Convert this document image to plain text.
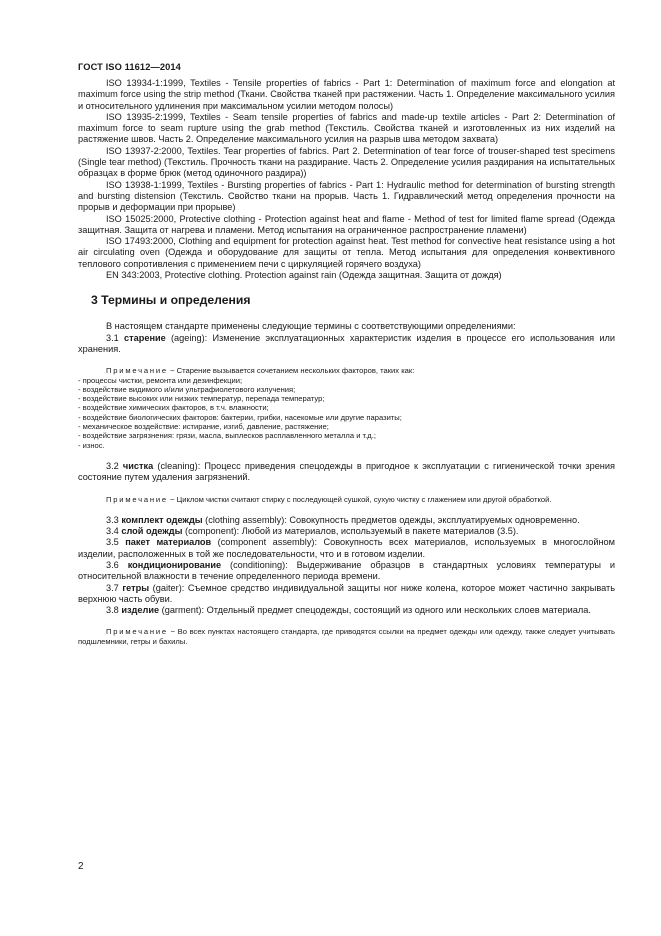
ГОСТ ISO 11612—2014

ISO 13934-1:1999, Textiles - Tensile properties of fabrics - Part 1: Determination of maximum force and elongation at maximum force using the strip method (Ткани. Свойства тканей при растяжении. Часть 1. Определение максимального усилия и относительного удлинения при максимальном усилии методом полосы)

ISO 13935-2:1999, Textiles - Seam tensile properties of fabrics and made-up textile articles - Part 2: Determination of maximum force to seam rupture using the grab method (Текстиль. Свойства тканей и изготовленных из них изделий на растяжение швов. Часть 2. Определение максимального усилия на разрыв шва методом захвата)

ISO 13937-2:2000, Textiles. Tear properties of fabrics. Part 2. Determination of tear force of trouser-shaped test specimens (Single tear method) (Текстиль. Прочность ткани на раздирание. Часть 2. Определение усилия раздирания на испытательных образцах в форме брюк (метод одиночного раздира))

ISO 13938-1:1999, Textiles - Bursting properties of fabrics - Part 1: Hydraulic method for determination of bursting strength and bursting distension (Текстиль. Свойство ткани на прорыв. Часть 1. Гидравлический метод определения прочности на прорыв и деформации при прорыве)

ISO 15025:2000, Protective clothing - Protection against heat and flame - Method of test for limited flame spread (Одежда защитная. Защита от нагрева и пламени. Метод испытания на ограниченное распространение пламени)

ISO 17493:2000, Clothing and equipment for protection against heat. Test method for convective heat resistance using a hot air circulating oven (Одежда и оборудование для защиты от тепла. Метод испытания для определения конвективного теплового сопротивления с применением печи с циркуляцией горячего воздуха)

EN 343:2003, Protective clothing. Protection against rain (Одежда защитная. Защита от дождя)

3 Термины и определения

В настоящем стандарте применены следующие термины с соответствующими определениями:

3.1 старение (ageing): Изменение эксплуатационных характеристик изделия в процессе его использования или хранения.

Примечание − Старение вызывается сочетанием нескольких факторов, таких как:
- процессы чистки, ремонта или дезинфекции;
- воздействие видимого и/или ультрафиолетового излучения;
- воздействие высоких или низких температур, перепада температур;
- воздействие химических факторов, в т.ч. влажности;
- воздействие биологических факторов: бактерии, грибки, насекомые или другие паразиты;
- механическое воздействие: истирание, изгиб, давление, растяжение;
- воздействие загрязнения: грязи, масла, выплесков расплавленного металла и т.д.;
- износ.

3.2 чистка (cleaning): Процесс приведения спецодежды в пригодное к эксплуатации с гигиенической точки зрения состояние путем удаления загрязнений.

Примечание − Циклом чистки считают стирку с последующей сушкой, сухую чистку с глажением или другой обработкой.

3.3 комплект одежды (clothing assembly): Совокупность предметов одежды, эксплуатируемых одновременно.

3.4 слой одежды (component): Любой из материалов, используемый в пакете материалов (3.5).

3.5 пакет материалов (component assembly): Совокупность всех материалов, используемых в многослойном изделии, расположенных в той же последовательности, что и в готовом изделии.

3.6 кондиционирование (conditioning): Выдерживание образцов в стандартных условиях температуры и относительной влажности в течение определенного периода времени.

3.7 гетры (gaiter): Съемное средство индивидуальной защиты ног ниже колена, которое может частично закрывать верхнюю часть обуви.

3.8 изделие (garment): Отдельный предмет спецодежды, состоящий из одного или нескольких слоев материала.

Примечание − Во всех пунктах настоящего стандарта, где приводятся ссылки на предмет одежды или одежду, также следует учитывать подшлемники, гетры и бахилы.

2
